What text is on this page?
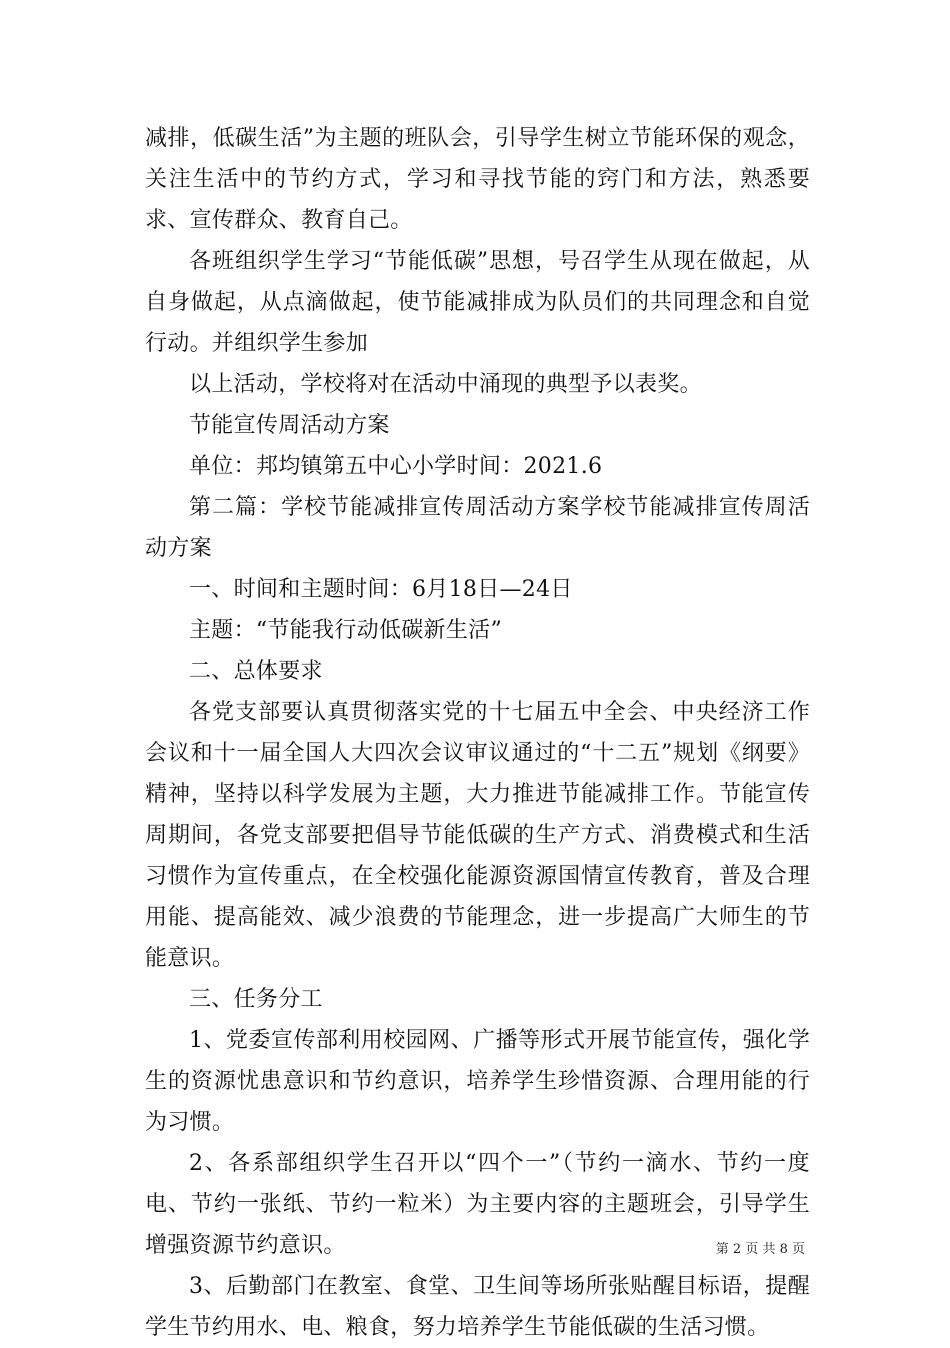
减排，低碳生活”为主题的班队会，引导学生树立节能环保的观念，关注生活中的节约方式，学习和寻找节能的窍门和方法，熟悉要求、宣传群众、教育自己。

各班组织学生学习“节能低碳”思想，号召学生从现在做起，从自身做起，从点滴做起，使节能减排成为队员们的共同理念和自觉行动。并组织学生参加

以上活动，学校将对在活动中涌现的典型予以表奖。

节能宣传周活动方案

单位：邦均镇第五中心小学时间：2021.6

第二篇：学校节能减排宣传周活动方案学校节能减排宣传周活动方案

一、时间和主题时间：6月18日—24日

主题：“节能我行动低碳新生活”

二、总体要求

各党支部要认真贯彻落实党的十七届五中全会、中央经济工作会议和十一届全国人大四次会议审议通过的“十二五”规划《纲要》精神，坚持以科学发展为主题，大力推进节能减排工作。节能宣传周期间，各党支部要把倡导节能低碳的生产方式、消费模式和生活习惯作为宣传重点，在全校强化能源资源国情宣传教育，普及合理用能、提高能效、减少浪费的节能理念，进一步提高广大师生的节能意识。

三、任务分工

1、党委宣传部利用校园网、广播等形式开展节能宣传，强化学生的资源忧患意识和节约意识，培养学生珍惜资源、合理用能的行为习惯。

2、各系部组织学生召开以“四个一”（节约一滴水、节约一度电、节约一张纸、节约一粒米）为主要内容的主题班会，引导学生增强资源节约意识。

3、后勤部门在教室、食堂、卫生间等场所张贴醒目标语，提醒学生节约用水、电、粮食，努力培养学生节能低碳的生活习惯。

第 2 页 共 8 页
